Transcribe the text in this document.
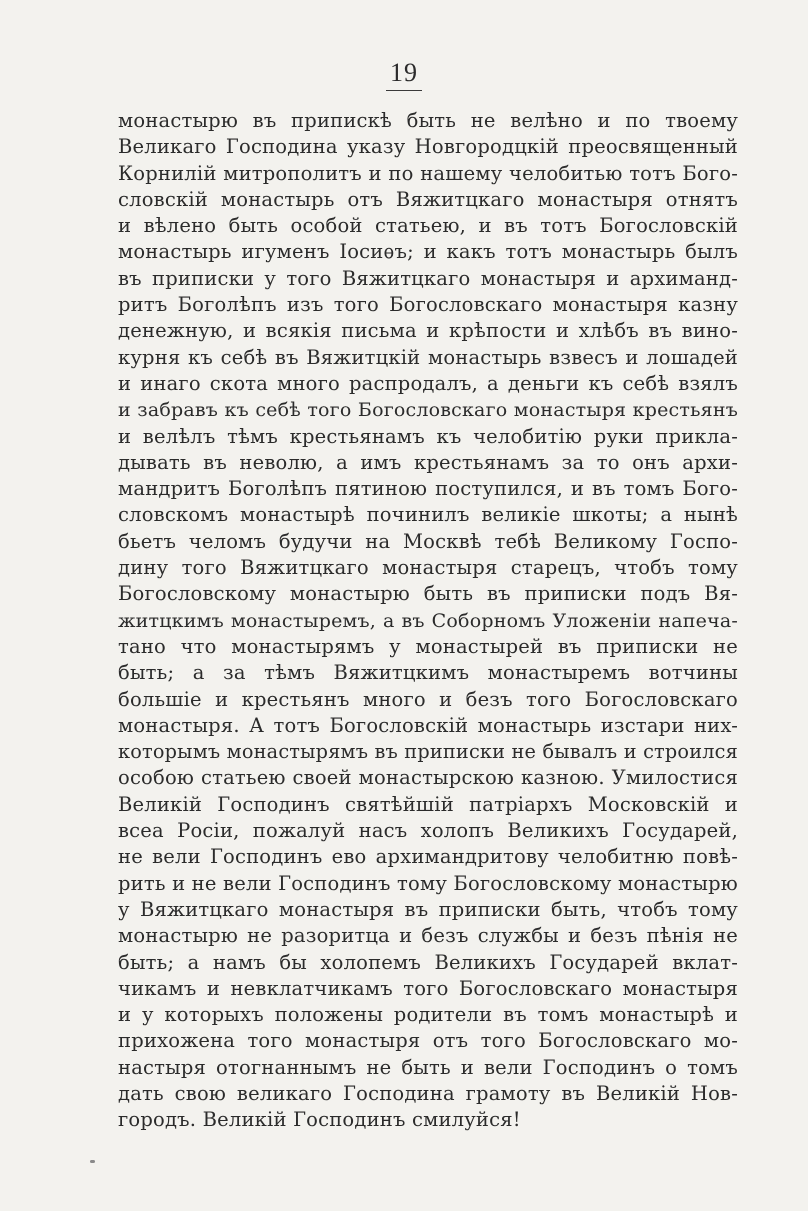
19
монастырю въ припискѣ быть не велѣно и по твоему
Великаго Господина указу Новгородцкій преосвященный
Корнилій митрополитъ и по нашему челобитью тотъ Бого-
словскій монастырь отъ Вяжитцкаго монастыря отнятъ
и вѣлено быть особой статьею, и въ тотъ Богословскій
монастырь игуменъ Іосиѳъ; и какъ тотъ монастырь былъ
въ приписки у того Вяжитцкаго монастыря и архиманд-
ритъ Боголѣпъ изъ того Богословскаго монастыря казну
денежную, и всякія письма и крѣпости и хлѣбъ въ вино-
курня къ себѣ въ Вяжитцкій монастырь взвесъ и лошадей
и инаго скота много распродалъ, а деньги къ себѣ взялъ
и забравъ къ себѣ того Богословскаго монастыря крестьянъ
и велѣлъ тѣмъ крестьянамъ къ челобитію руки прикла-
дывать въ неволю, а имъ крестьянамъ за то онъ архи-
мандритъ Боголѣпъ пятиною поступился, и въ томъ Бого-
словскомъ монастырѣ починилъ великіе шкоты; а нынѣ
бьетъ челомъ будучи на Москвѣ тебѣ Великому Госпо-
дину того Вяжитцкаго монастыря старецъ, чтобъ тому
Богословскому монастырю быть въ приписки подъ Вя-
житцкимъ монастыремъ, а въ Соборномъ Уложеніи напеча-
тано что монастырямъ у монастырей въ приписки не
быть; а за тѣмъ Вяжитцкимъ монастыремъ вотчины
большіе и крестьянъ много и безъ того Богословскаго
монастыря. А тотъ Богословскій монастырь изстари ниx-
которымъ монастырямъ въ приписки не бывалъ и строился
особою статьею своей монастырскою казною. Умилостися
Великій Господинъ святѣйшій патріархъ Московскій и
всеа Росіи, пожалуй насъ холопъ Великихъ Государей,
не вели Господинъ ево архимандритову челобитню повѣ-
рить и не вели Господинъ тому Богословскому монастырю
у Вяжитцкаго монастыря въ приписки быть, чтобъ тому
монастырю не разоритца и безъ службы и безъ пѣнія не
быть; а намъ бы холопемъ Великихъ Государей вклат-
чикамъ и невклатчикамъ того Богословскаго монастыря
и у которыхъ положены родители въ томъ монастырѣ и
прихожена того монастыря отъ того Богословскаго мо-
настыря отогнаннымъ не быть и вели Господинъ о томъ
дать свою великаго Господина грамоту въ Великій Нов-
городъ. Великій Господинъ смилуйся!
